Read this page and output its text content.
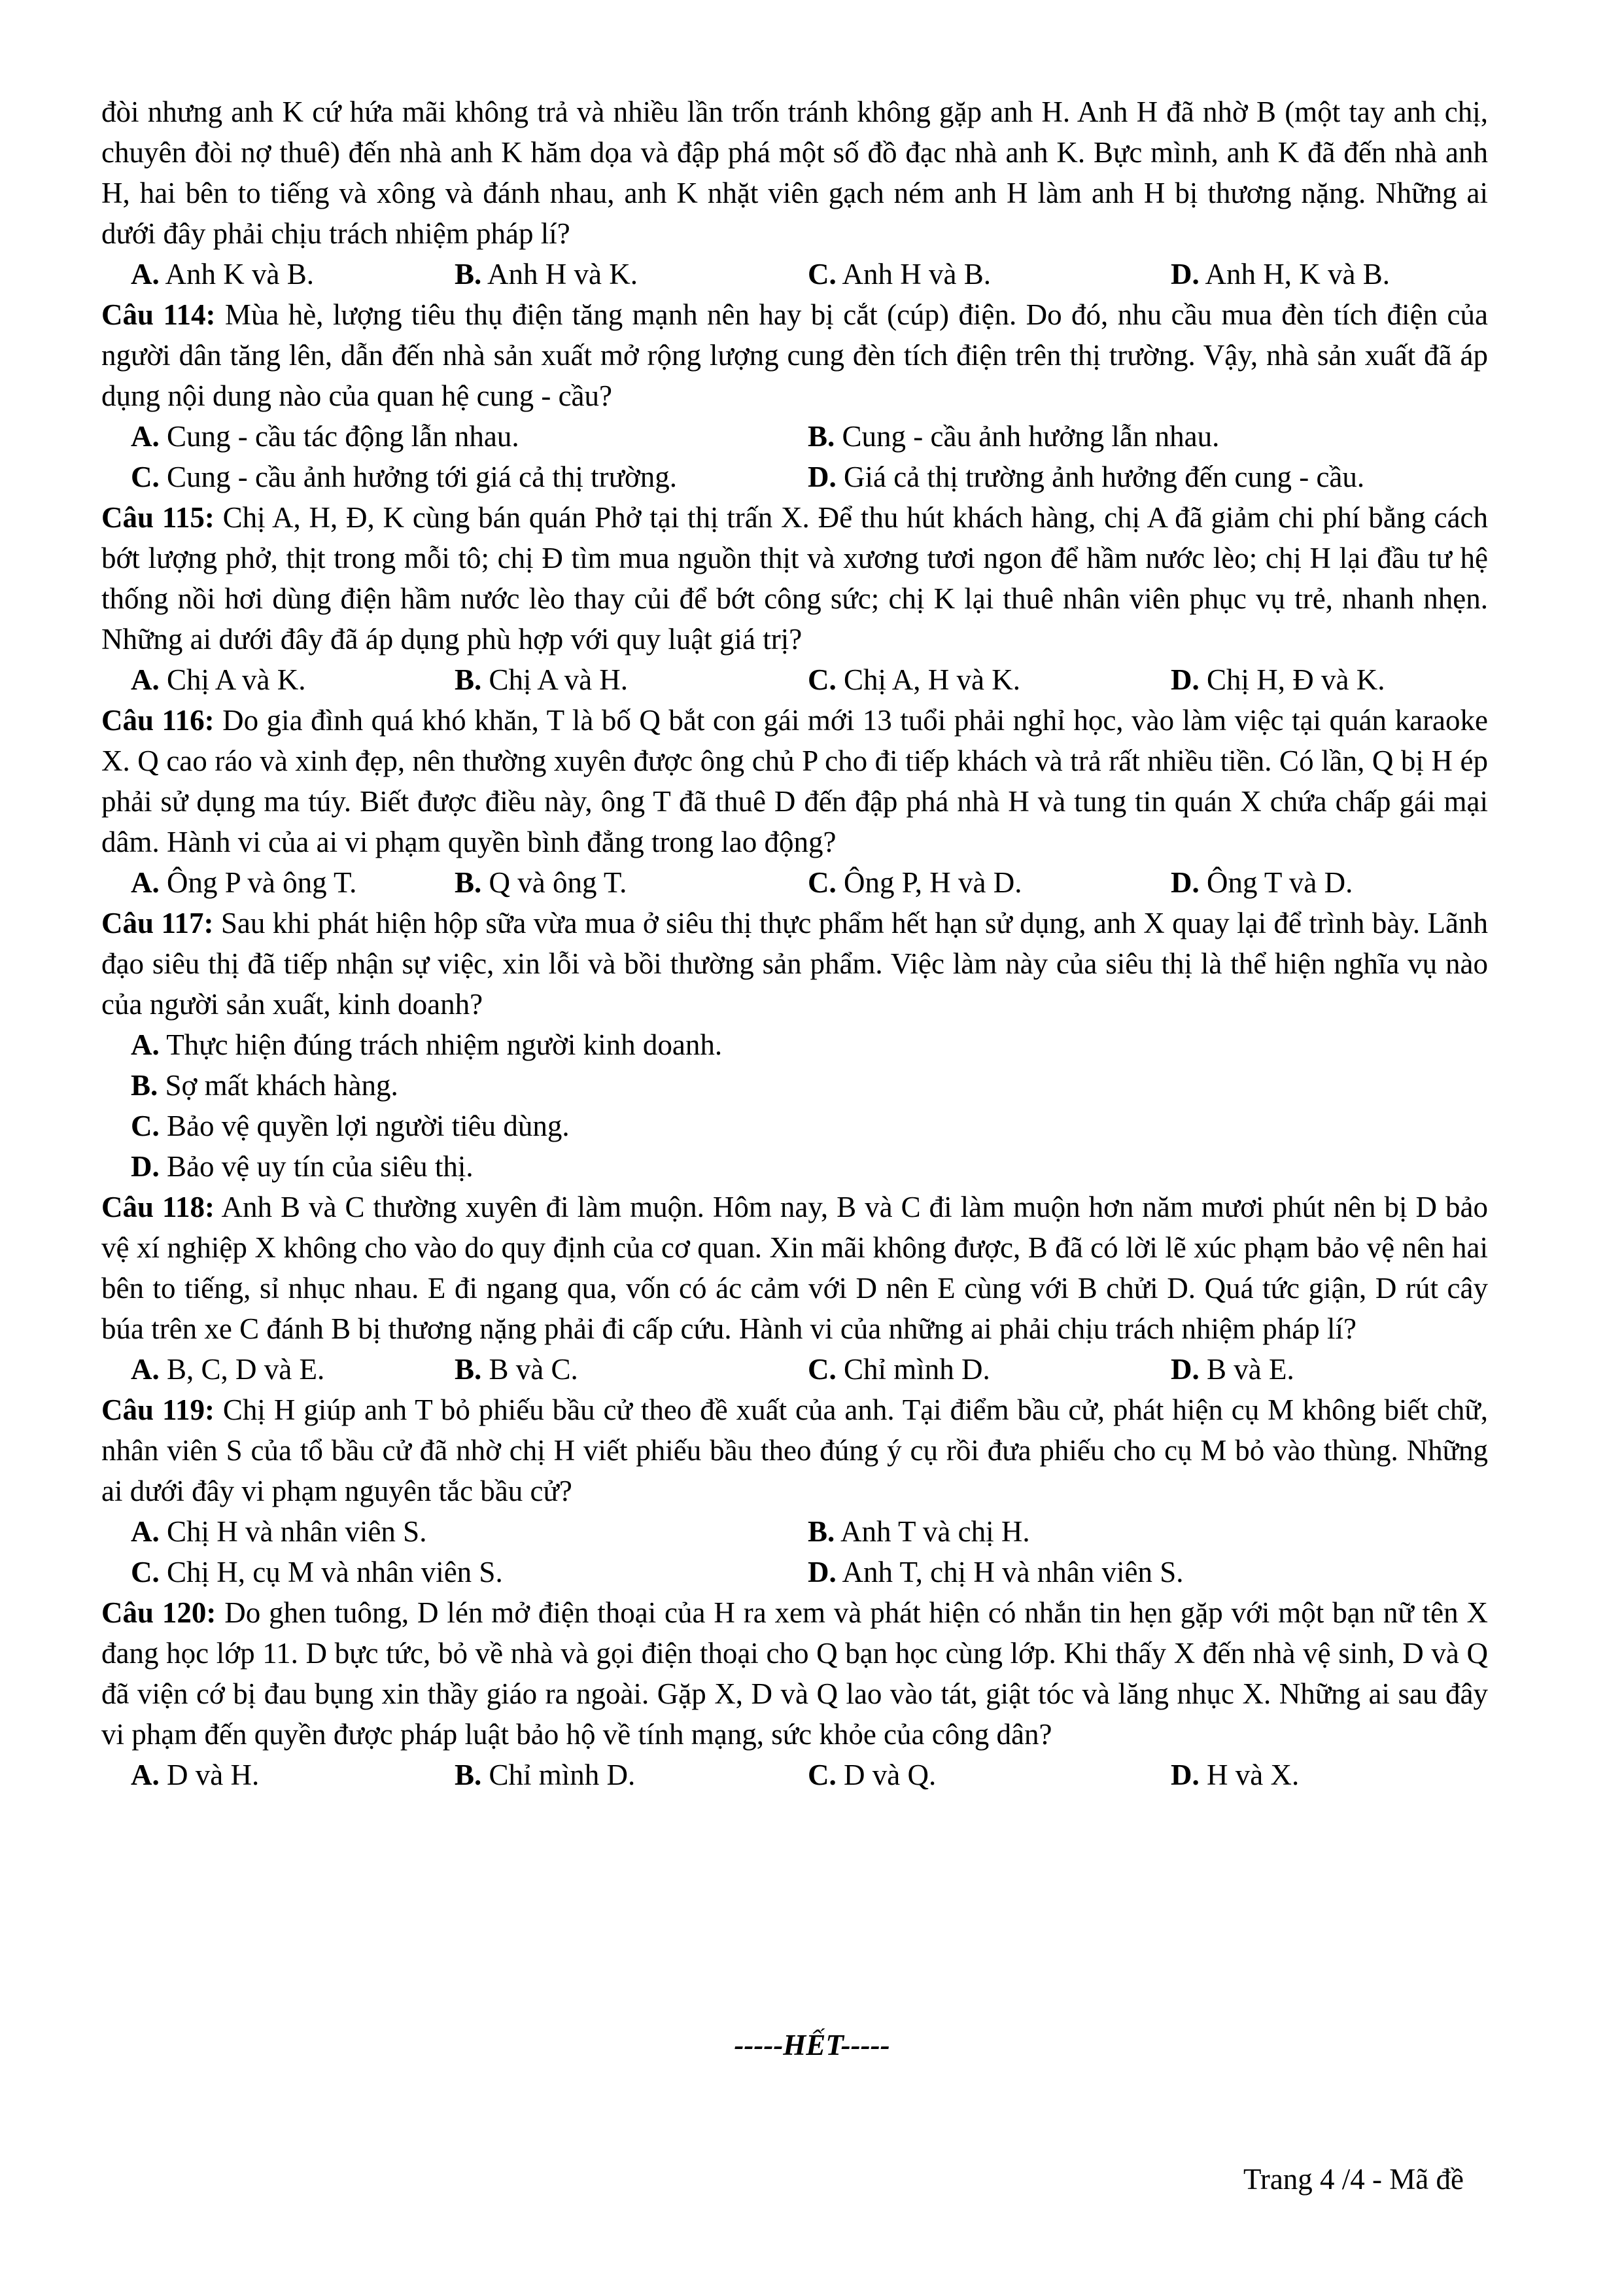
đòi nhưng anh K cứ hứa mãi không trả và nhiều lần trốn tránh không gặp anh H. Anh H đã nhờ B (một tay anh chị, chuyên đòi nợ thuê) đến nhà anh K hăm dọa và đập phá một số đồ đạc nhà anh K. Bực mình, anh K đã đến nhà anh H, hai bên to tiếng và xông và đánh nhau, anh K nhặt viên gạch ném anh H làm anh H bị thương nặng. Những ai dưới đây phải chịu trách nhiệm pháp lí?
A. Anh K và B.	B. Anh H và K.	C. Anh H và B.	D. Anh H, K và B.
Câu 114: Mùa hè, lượng tiêu thụ điện tăng mạnh nên hay bị cắt (cúp) điện. Do đó, nhu cầu mua đèn tích điện của người dân tăng lên, dẫn đến nhà sản xuất mở rộng lượng cung đèn tích điện trên thị trường. Vậy, nhà sản xuất đã áp dụng nội dung nào của quan hệ cung - cầu?
A. Cung - cầu tác động lẫn nhau.	B. Cung - cầu ảnh hưởng lẫn nhau.
C. Cung - cầu ảnh hưởng tới giá cả thị trường.	D. Giá cả thị trường ảnh hưởng đến cung - cầu.
Câu 115: Chị A, H, Đ, K cùng bán quán Phở tại thị trấn X. Để thu hút khách hàng, chị A đã giảm chi phí bằng cách bớt lượng phở, thịt trong mỗi tô; chị Đ tìm mua nguồn thịt và xương tươi ngon để hầm nước lèo; chị H lại đầu tư hệ thống nồi hơi dùng điện hầm nước lèo thay củi để bớt công sức; chị K lại thuê nhân viên phục vụ trẻ, nhanh nhẹn. Những ai dưới đây đã áp dụng phù hợp với quy luật giá trị?
A. Chị A và K.	B. Chị A và H.	C. Chị A, H và K.	D. Chị H, Đ và K.
Câu 116: Do gia đình quá khó khăn, T là bố Q bắt con gái mới 13 tuổi phải nghỉ học, vào làm việc tại quán karaoke X. Q cao ráo và xinh đẹp, nên thường xuyên được ông chủ P cho đi tiếp khách và trả rất nhiều tiền. Có lần, Q bị H ép phải sử dụng ma túy. Biết được điều này, ông T đã thuê D đến đập phá nhà H và tung tin quán X chứa chấp gái mại dâm. Hành vi của ai vi phạm quyền bình đẳng trong lao động?
A. Ông P và ông T.	B. Q và ông T.	C. Ông P, H và D.	D. Ông T và D.
Câu 117: Sau khi phát hiện hộp sữa vừa mua ở siêu thị thực phẩm hết hạn sử dụng, anh X quay lại để trình bày. Lãnh đạo siêu thị đã tiếp nhận sự việc, xin lỗi và bồi thường sản phẩm. Việc làm này của siêu thị là thể hiện nghĩa vụ nào của người sản xuất, kinh doanh?
A. Thực hiện đúng trách nhiệm người kinh doanh.
B. Sợ mất khách hàng.
C. Bảo vệ quyền lợi người tiêu dùng.
D. Bảo vệ uy tín của siêu thị.
Câu 118: Anh B và C thường xuyên đi làm muộn. Hôm nay, B và C đi làm muộn hơn năm mươi phút nên bị D bảo vệ xí nghiệp X không cho vào do quy định của cơ quan. Xin mãi không được, B đã có lời lẽ xúc phạm bảo vệ nên hai bên to tiếng, sỉ nhục nhau. E đi ngang qua, vốn có ác cảm với D nên E cùng với B chửi D. Quá tức giận, D rút cây búa trên xe C đánh B bị thương nặng phải đi cấp cứu. Hành vi của những ai phải chịu trách nhiệm pháp lí?
A. B, C, D và E.	B. B và C.	C. Chỉ mình D.	D. B và E.
Câu 119: Chị H giúp anh T bỏ phiếu bầu cử theo đề xuất của anh. Tại điểm bầu cử, phát hiện cụ M không biết chữ, nhân viên S của tổ bầu cử đã nhờ chị H viết phiếu bầu theo đúng ý cụ rồi đưa phiếu cho cụ M bỏ vào thùng. Những ai dưới đây vi phạm nguyên tắc bầu cử?
A. Chị H và nhân viên S.	B. Anh T và chị H.
C. Chị H, cụ M và nhân viên S.	D. Anh T, chị H và nhân viên S.
Câu 120: Do ghen tuông, D lén mở điện thoại của H ra xem và phát hiện có nhắn tin hẹn gặp với một bạn nữ tên X đang học lớp 11. D bực tức, bỏ về nhà và gọi điện thoại cho Q bạn học cùng lớp. Khi thấy X đến nhà vệ sinh, D và Q đã viện cớ bị đau bụng xin thầy giáo ra ngoài. Gặp X, D và Q lao vào tát, giật tóc và lăng nhục X. Những ai sau đây vi phạm đến quyền được pháp luật bảo hộ về tính mạng, sức khỏe của công dân?
A. D và H.	B. Chỉ mình D.	C. D và Q.	D. H và X.
-----HẾT-----
Trang 4 /4 - Mã đề
